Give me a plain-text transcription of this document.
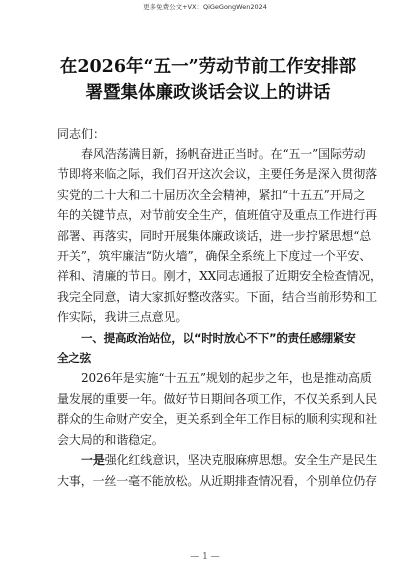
更多免费公文+VX：QiGeGongWen2024
在2026年“五一”劳动节前工作安排部
署暨集体廉政谈话会议上的讲话
同志们：

春风浩荡满目新，扬帆奋进正当时。在“五一”国际劳动
节即将来临之际，我们召开这次会议，主要任务是深入贯彻落
实党的二十大和二十届历次全会精神，紧扣“十五五”开局之
年的关键节点，对节前安全生产，值班值守及重点工作进行再
部署、再落实，同时开展集体廉政谈话，进一步拧紧思想“总
开关”，筑牢廉洁“防火墙”，确保全系统上下度过一个平安、
祥和、清廉的节日。刚才，XX同志通报了近期安全检查情况，
我完全同意，请大家抓好整改落实。下面，结合当前形势和工
作实际，我讲三点意见。

一、提高政治站位，以“时时放心不下”的责任感绷紧安
全之弦

2026年是实施“十五五”规划的起步之年，也是推动高质
量发展的重要一年。做好节日期间各项工作，不仅关系到人民
群众的生命财产安全，更关系到全年工作目标的顺利实现和社
会大局的和谐稳定。

一是强化红线意识，坚决克服麻痹思想。安全生产是民生
大事，一丝一毫不能放松。从近期排查情况看，个别单位仍存

— 1 —
